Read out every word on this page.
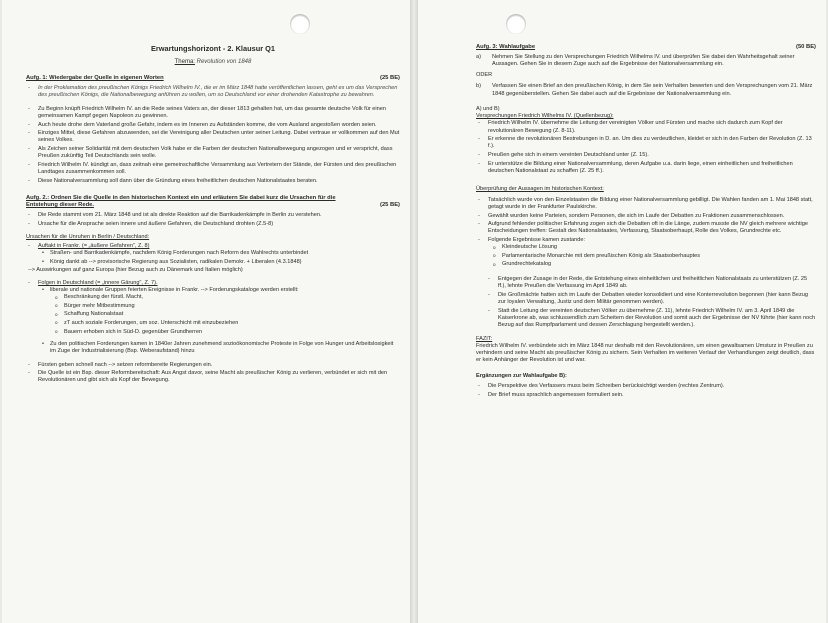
Erwartungshorizont - 2. Klausur Q1
Thema: Revolution von 1848
Aufg. 1: Wiedergabe der Quelle in eigenen Worten	(25 BE)
- In der Proklamation des preußischen Königs Friedrich Wilhelm IV., die er im März 1848 hatte veröffentlichen lassen, geht es um das Versprechen des preußischen Königs, die Nationalbewegung anführen zu wollen, um so Deutschland vor einer drohenden Katastrophe zu bewahren.
- Zu Beginn knüpft Friedrich Wilhelm IV. an die Rede seines Vaters an, der dieser 1813 gehalten hat, um das gesamte deutsche Volk für einen gemeinsamen Kampf gegen Napoleon zu gewinnen.
- Auch heute drohe dem Vaterland große Gefahr, indem es im Inneren zu Aufständen komme, die vom Ausland angestoßen worden seien.
- Einziges Mittel, diese Gefahren abzuwenden, sei die Vereinigung aller Deutschen unter seiner Leitung. Dabei vertraue er vollkommen auf den Mut seines Volkes.
- Als Zeichen seiner Solidarität mit dem deutschen Volk habe er die Farben der deutschen Nationalbewegung angezogen und er verspricht, dass Preußen zukünftig Teil Deutschlands sein wolle.
- Friedrich Wilhelm IV. kündigt an, dass zeitnah eine gemeinschaftliche Versammlung aus Vertretern der Stände, der Fürsten und des preußischen Landtages zusammenkommen soll.
- Diese Nationalversammlung soll dann über die Gründung eines freiheitlichen deutschen Nationalstaates beraten.
Aufg. 2.: Ordnen Sie die Quelle in den historischen Kontext ein und erläutern Sie dabei kurz die Ursachen für die Entstehung dieser Rede.	(25 BE)
- Die Rede stammt vom 21. März 1848 und ist als direkte Reaktion auf die Barrikadenkämpfe in Berlin zu verstehen.
- Ursache für die Ansprache seien innere und äußere Gefahren, die Deutschland drohten (Z.5-8)
Ursachen für die Unruhen in Berlin / Deutschland:
- Auftakt in Frankr. (= „äußere Gefahren“, Z. 8)
• Straßen- und Barrikadenkämpfe, nachdem König Forderungen nach Reform des Wahlrechts unterbindet
• König dankt ab --> provisorische Regierung aus Sozialisten, radikalen Demokr. + Liberalen (4.3.1848)
--> Auswirkungen auf ganz Europa (hier Bezug auch zu Dänemark und Italien möglich)
- Folgen in Deutschland (= „innere Gärung“, Z. 7).
• liberale und nationale Gruppen feierten Ereignisse in Frankr. --> Forderungskataloge werden erstellt:
o Beschränkung der fürstl. Macht,
o Bürger mehr Mitbestimmung
o Schaffung Nationalstaat
o zT auch soziale Forderungen, um soz. Unterschicht mit einzubeziehen
o Bauern erhoben sich in Süd-D. gegenüber Grundherren
• Zu den politischen Forderungen kamen in 1840er Jahren zunehmend sozioökonomische Proteste in Folge von Hunger und Arbeitslosigkeit im Zuge der Industrialisierung (Bsp. Weberaufstand) hinzu
- Fürsten geben schnell nach --> setzen reformbereite Regierungen ein.
- Die Quelle ist ein Bsp. dieser Reformbereitschaft: Aus Angst davor, seine Macht als preußischer König zu verlieren, verbündet er sich mit den Revolutionären und gibt sich als Kopf der Bewegung.
Aufg. 3: Wahlaufgabe	(50 BE)
a)	Nehmen Sie Stellung zu den Versprechungen Friedrich Wilhelms IV. und überprüfen Sie dabei den Wahrheitsgehalt seiner Aussagen. Gehen Sie in diesem Zuge auch auf die Ergebnisse der Nationalversammlung ein.
ODER
b)	Verfassen Sie einen Brief an den preußischen König, in dem Sie sein Verhalten bewerten und den Versprechungen vom 21. März 1848 gegenüberstellen. Gehen Sie dabei auch auf die Ergebnisse der Nationalversammlung ein.
A) und B)
Versprechungen Friedrich Wilhelms IV. (Quellenbezug):
- Friedrich Wilhelm IV. übernehme die Leitung der vereinigten Völker und Fürsten und mache sich dadurch zum Kopf der revolutionären Bewegung (Z. 8-11).
- Er erkenne die revolutionären Bestrebungen in D. an. Um dies zu verdeutlichen, kleidet er sich in den Farben der Revolution (Z. 13 f.).
- Preußen gehe sich in einem vereinten Deutschland unter (Z. 15).
- Er unterstütze die Bildung einer Nationalversammlung, deren Aufgabe u.a. darin liege, einen einheitlichen und freiheitlichen deutschen Nationalstaat zu schaffen (Z. 25 ff.).
Überprüfung der Aussagen im historischen Kontext:
- Tatsächlich wurde von den Einzelstaaten die Bildung einer Nationalversammlung gebilligt. Die Wahlen fanden am 1. Mai 1848 statt, getagt wurde in der Frankfurter Paulskirche.
- Gewählt wurden keine Parteien, sondern Personen, die sich im Laufe der Debatten zu Fraktionen zusammenschlossen.
- Aufgrund fehlender politischer Erfahrung zogen sich die Debatten oft in die Länge, zudem musste die NV gleich mehrere wichtige Entscheidungen treffen: Gestalt des Nationalstaates, Verfassung, Staatsoberhaupt, Rolle des Volkes, Grundrechte etc.
- Folgende Ergebnisse kamen zustande:
o Kleindeutsche Lösung
o Parlamentarische Monarchie mit dem preußischen König als Staatsoberhauptes
o Grundrechtekatalog
- Entgegen der Zusage in der Rede, die Entstehung eines einheitlichen und freiheitlichen Nationalstaats zu unterstützen (Z. 25 ff.), lehnte Preußen die Verfassung im April 1849 ab.
- Die Großmächte hatten sich im Laufe der Debatten wieder konsolidiert und eine Konterrevolution begonnen (hier kann Bezug zur loyalen Verwaltung, Justiz und dem Militär genommen werden).
- Statt die Leitung der vereinten deutschen Völker zu übernehme (Z. 11), lehnte Friedrich Wilhelm IV. am 3. April 1849 die Kaiserkrone ab, was schlussendlich zum Scheitern der Revolution und somit auch der Ergebnisse der NV führte (hier kann noch Bezug auf das Rumpfparlament und dessen Zerschlagung hergestellt werden.).
FAZIT:
Friedrich Wilhelm IV. verbündete sich im März 1848 nur deshalb mit den Revolutionären, um einen gewaltsamen Umsturz in Preußen zu verhindern und seine Macht als preußischer König zu sichern. Sein Verhalten im weiteren Verlauf der Verhandlungen zeigt deutlich, dass er kein Anhänger der Revolution ist und war.
Ergänzungen zur Wahlaufgabe B):
- Die Perspektive des Verfassers muss beim Schreiben berücksichtigt werden (rechtes Zentrum).
- Der Brief muss sprachlich angemessen formuliert sein.
